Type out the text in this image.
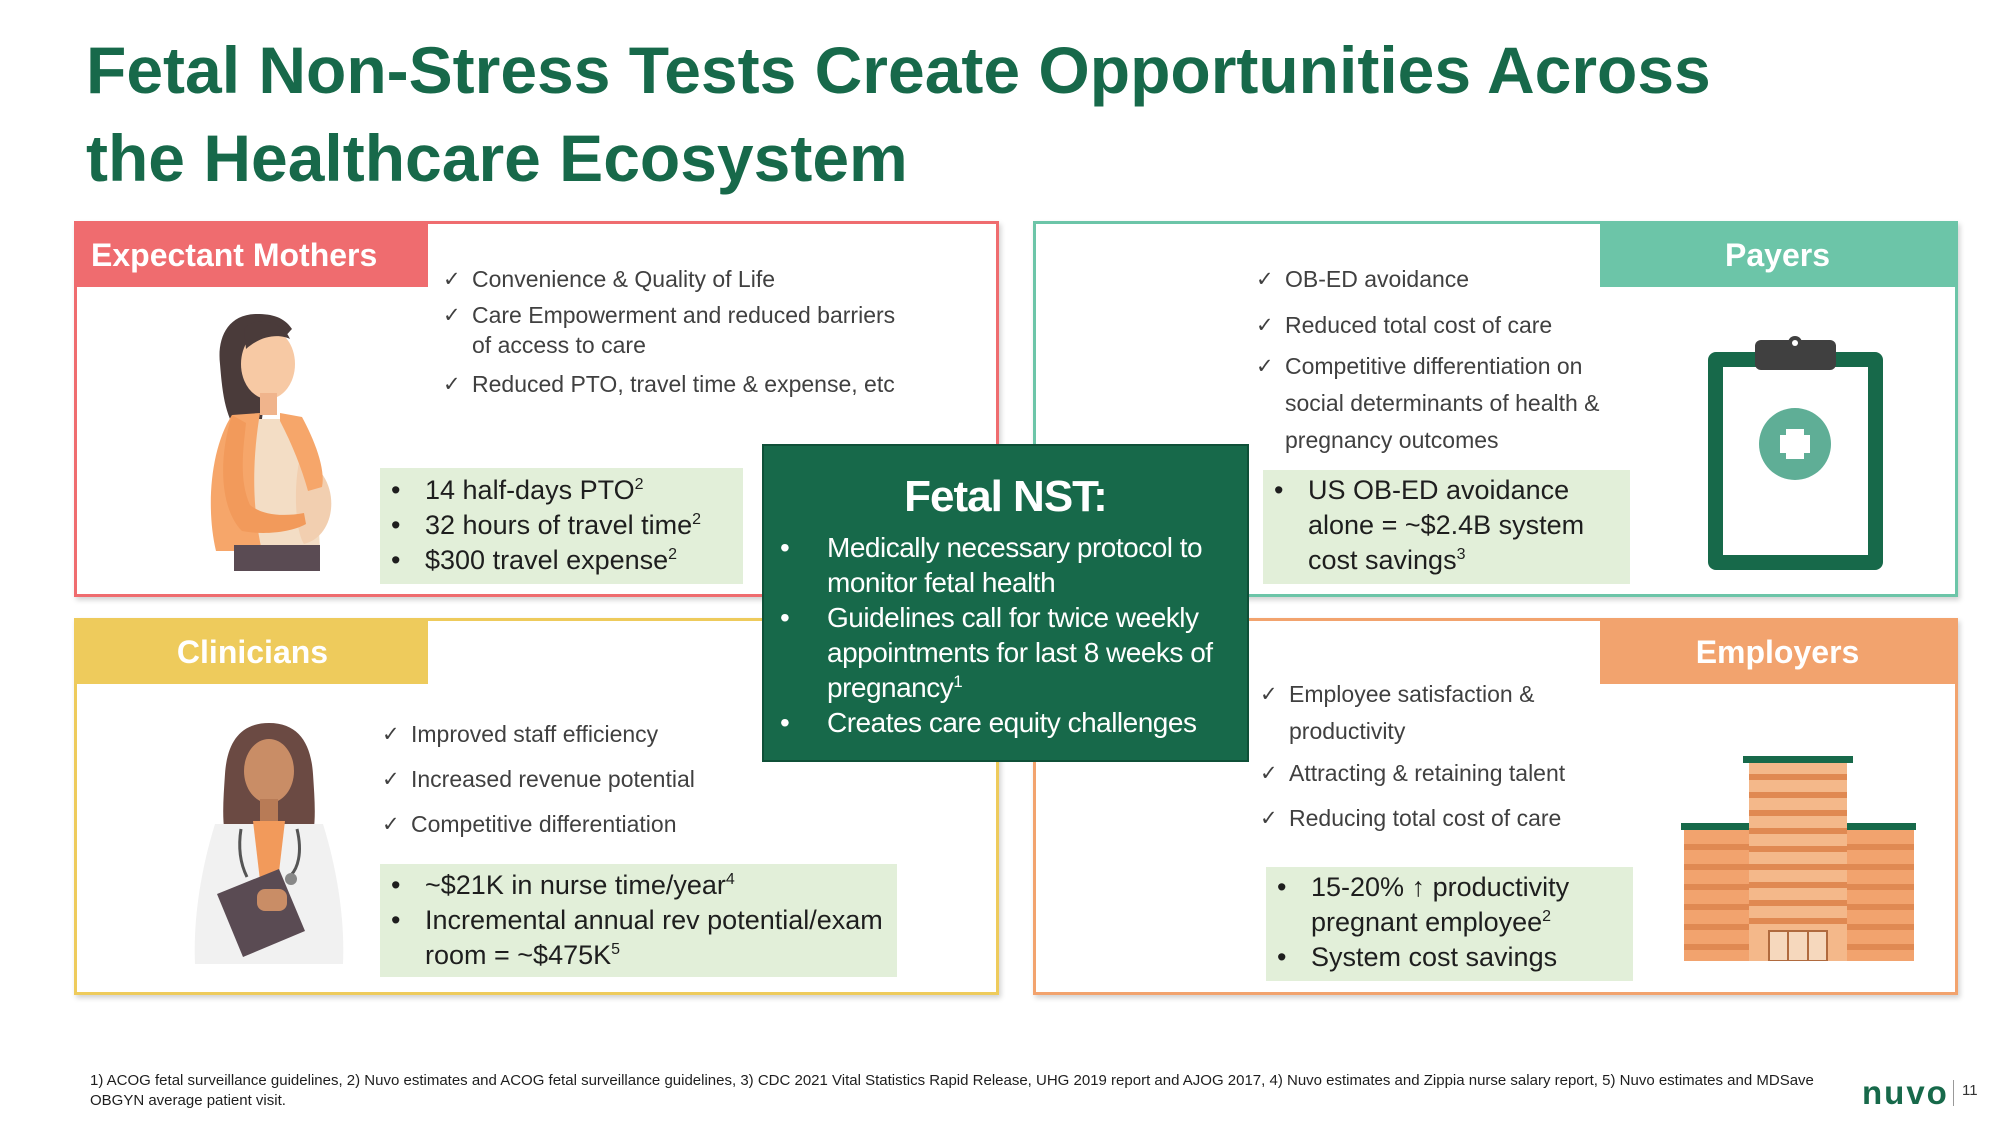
Fetal Non-Stress Tests Create Opportunities Across
the Healthcare Ecosystem
Expectant Mothers
✓ Convenience & Quality of Life
✓ Care Empowerment and reduced barriers of access to care
✓ Reduced PTO, travel time & expense, etc
• 14 half-days PTO$^2$
• 32 hours of travel time$^2$
• $300 travel expense$^2$
Payers
✓ OB-ED avoidance
✓ Reduced total cost of care
✓ Competitive differentiation on social determinants of health & pregnancy outcomes
• US OB-ED avoidance alone = ~$2.4B system cost savings$^3$
Clinicians
✓ Improved staff efficiency
✓ Increased revenue potential
✓ Competitive differentiation
• ~$21K in nurse time/year$^4$
• Incremental annual rev potential/exam room = $\sim\$475K^5$
Employers
✓ Employee satisfaction & productivity
✓ Attracting & retaining talent
✓ Reducing total cost of care
• 15-20% ↑ productivity pregnant employee$^2$
• System cost savings
Fetal NST:
• Medically necessary protocol to monitor fetal health
• Guidelines call for twice weekly appointments for last 8 weeks of pregnancy$^1$
• Creates care equity challenges
1) ACOG fetal surveillance guidelines, 2) Nuvo estimates and ACOG fetal surveillance guidelines, 3) CDC 2021 Vital Statistics Rapid Release, UHG 2019 report and AJOG 2017, 4) Nuvo estimates and Zippia nurse salary report, 5) Nuvo estimates and MDSave OBGYN average patient visit.	nuvo 11
